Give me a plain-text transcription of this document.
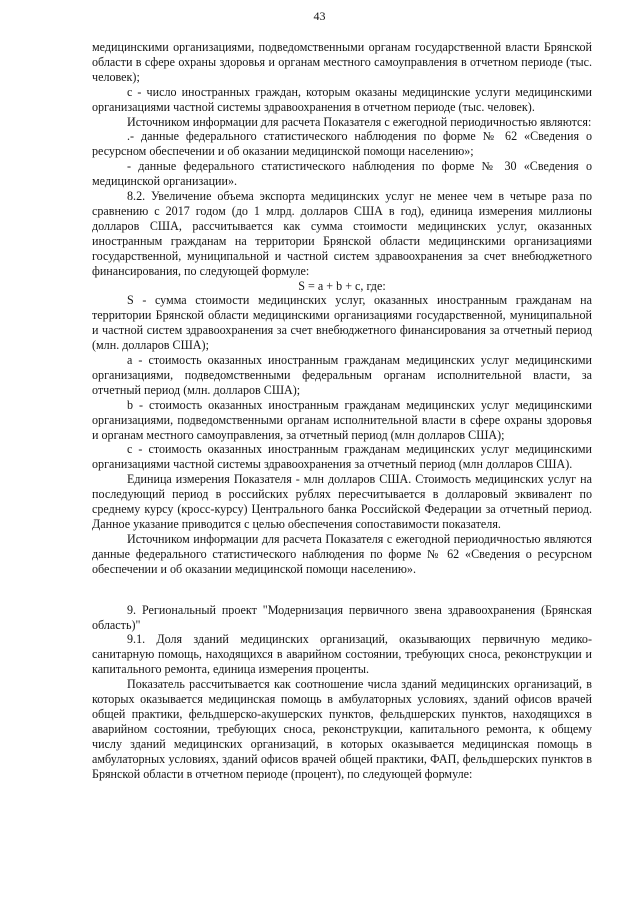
43

медицинскими организациями, подведомственными органам государственной власти Брянской области в сфере охраны здоровья и органам местного самоуправления в отчетном периоде (тыс. человек);

c - число иностранных граждан, которым оказаны медицинские услуги медицинскими организациями частной системы здравоохранения в отчетном периоде (тыс. человек).

Источником информации для расчета Показателя с ежегодной периодичностью являются:

.- данные федерального статистического наблюдения по форме № 62 «Сведения о ресурсном обеспечении и об оказании медицинской помощи населению»;

- данные федерального статистического наблюдения по форме № 30 «Сведения о медицинской организации».

8.2. Увеличение объема экспорта медицинских услуг не менее чем в четыре раза по сравнению с 2017 годом (до 1 млрд. долларов США в год), единица измерения миллионы долларов США, рассчитывается как сумма стоимости медицинских услуг, оказанных иностранным гражданам на территории Брянской области медицинскими организациями государственной, муниципальной и частной систем здравоохранения за счет внебюджетного финансирования, по следующей формуле:

S = a + b + c, где:

S - сумма стоимости медицинских услуг, оказанных иностранным гражданам на территории Брянской области медицинскими организациями государственной, муниципальной и частной систем здравоохранения за счет внебюджетного финансирования за отчетный период (млн. долларов США);

a - стоимость оказанных иностранным гражданам медицинских услуг медицинскими организациями, подведомственными федеральным органам исполнительной власти, за отчетный период (млн. долларов США);

b - стоимость оказанных иностранным гражданам медицинских услуг медицинскими организациями, подведомственными органам исполнительной власти в сфере охраны здоровья и органам местного самоуправления, за отчетный период (млн долларов США);

c - стоимость оказанных иностранным гражданам медицинских услуг медицинскими организациями частной системы здравоохранения за отчетный период (млн долларов США).

Единица измерения Показателя - млн долларов США. Стоимость медицинских услуг на последующий период в российских рублях пересчитывается в долларовый эквивалент по среднему курсу (кросс-курсу) Центрального банка Российской Федерации за отчетный период. Данное указание приводится с целью обеспечения сопоставимости показателя.

Источником информации для расчета Показателя с ежегодной периодичностью являются данные федерального статистического наблюдения по форме № 62 «Сведения о ресурсном обеспечении и об оказании медицинской помощи населению».

9. Региональный проект "Модернизация первичного звена здравоохранения (Брянская область)"

9.1. Доля зданий медицинских организаций, оказывающих первичную медико-санитарную помощь, находящихся в аварийном состоянии, требующих сноса, реконструкции и капитального ремонта, единица измерения проценты.

Показатель рассчитывается как соотношение числа зданий медицинских организаций, в которых оказывается медицинская помощь в амбулаторных условиях, зданий офисов врачей общей практики, фельдшерско-акушерских пунктов, фельдшерских пунктов, находящихся в аварийном состоянии, требующих сноса, реконструкции, капитального ремонта, к общему числу зданий медицинских организаций, в которых оказывается медицинская помощь в амбулаторных условиях, зданий офисов врачей общей практики, ФАП, фельдшерских пунктов в Брянской области в отчетном периоде (процент), по следующей формуле:
